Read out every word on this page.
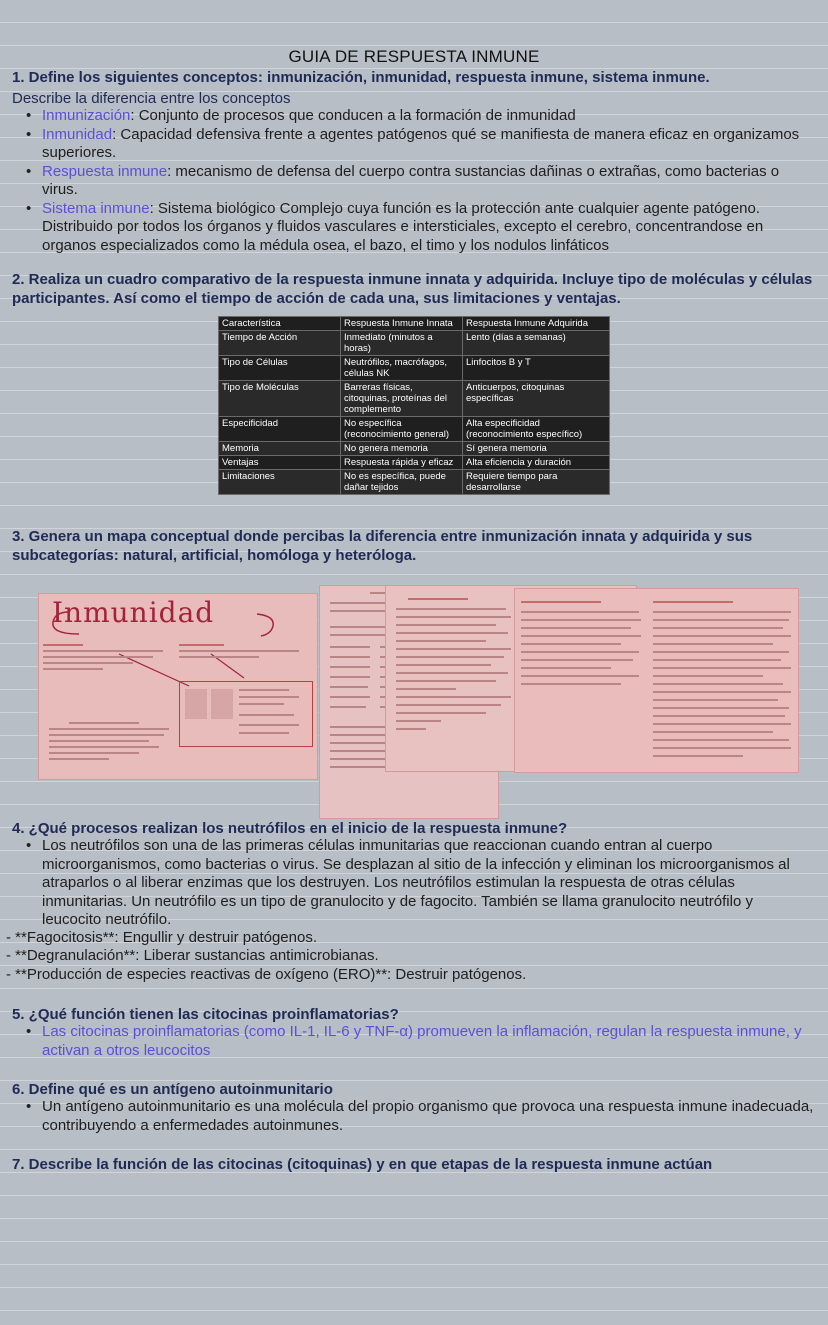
GUIA DE RESPUESTA INMUNE

1. Define los siguientes conceptos: inmunización, inmunidad, respuesta inmune, sistema inmune.

Describe la diferencia entre los conceptos

• Inmunización: Conjunto de procesos que conducen a la formación de inmunidad
• Inmunidad: Capacidad defensiva frente a agentes patógenos qué se manifiesta de manera eficaz en organizamos superiores.
• Respuesta inmune: mecanismo de defensa del cuerpo contra sustancias dañinas o extrañas, como bacterias o virus.
• Sistema inmune: Sistema biológico Complejo cuya función es la protección ante cualquier agente patógeno. Distribuido por todos los órganos y fluidos vasculares e intersticiales, excepto el cerebro, concentrandose en organos especializados como la médula osea, el bazo, el timo y los nodulos linfáticos

2. Realiza un cuadro comparativo de la respuesta inmune innata y adquirida. Incluye tipo de moléculas y células participantes. Así como el tiempo de acción de cada una, sus limitaciones y ventajas.

Característica	Respuesta Inmune Innata	Respuesta Inmune Adquirida
Tiempo de Acción	Inmediato (minutos a horas)	Lento (días a semanas)
Tipo de Células	Neutrófilos, macrófagos, células NK	Linfocitos B y T
Tipo de Moléculas	Barreras físicas, citoquinas, proteínas del complemento	Anticuerpos, citoquinas específicas
Especificidad	No específica (reconocimiento general)	Alta especificidad (reconocimiento específico)
Memoria	No genera memoria	Sí genera memoria
Ventajas	Respuesta rápida y eficaz	Alta eficiencia y duración
Limitaciones	No es específica, puede dañar tejidos	Requiere tiempo para desarrollarse

3. Genera un mapa conceptual donde percibas la diferencia entre inmunización innata y adquirida y sus subcategorías: natural, artificial, homóloga y heteróloga.

Inmunidad

4. ¿Qué procesos realizan los neutrófilos en el inicio de la respuesta inmune?

• Los neutrófilos son una de las primeras células inmunitarias que reaccionan cuando entran al cuerpo microorganismos, como bacterias o virus. Se desplazan al sitio de la infección y eliminan los microorganismos al atraparlos o al liberar enzimas que los destruyen. Los neutrófilos estimulan la respuesta de otras células inmunitarias. Un neutrófilo es un tipo de granulocito y de fagocito. También se llama granulocito neutrófilo y leucocito neutrófilo.

- **Fagocitosis**: Engullir y destruir patógenos.

- **Degranulación**: Liberar sustancias antimicrobianas.

- **Producción de especies reactivas de oxígeno (ERO)**: Destruir patógenos.

5. ¿Qué función tienen las citocinas proinflamatorias?

• Las citocinas proinflamatorias (como IL-1, IL-6 y TNF-α) promueven la inflamación, regulan la respuesta inmune, y activan a otros leucocitos

6. Define qué es un antígeno autoinmunitario

• Un antígeno autoinmunitario es una molécula del propio organismo que provoca una respuesta inmune inadecuada, contribuyendo a enfermedades autoinmunes.

7. Describe la función de las citocinas (citoquinas) y en que etapas de la respuesta inmune actúan
